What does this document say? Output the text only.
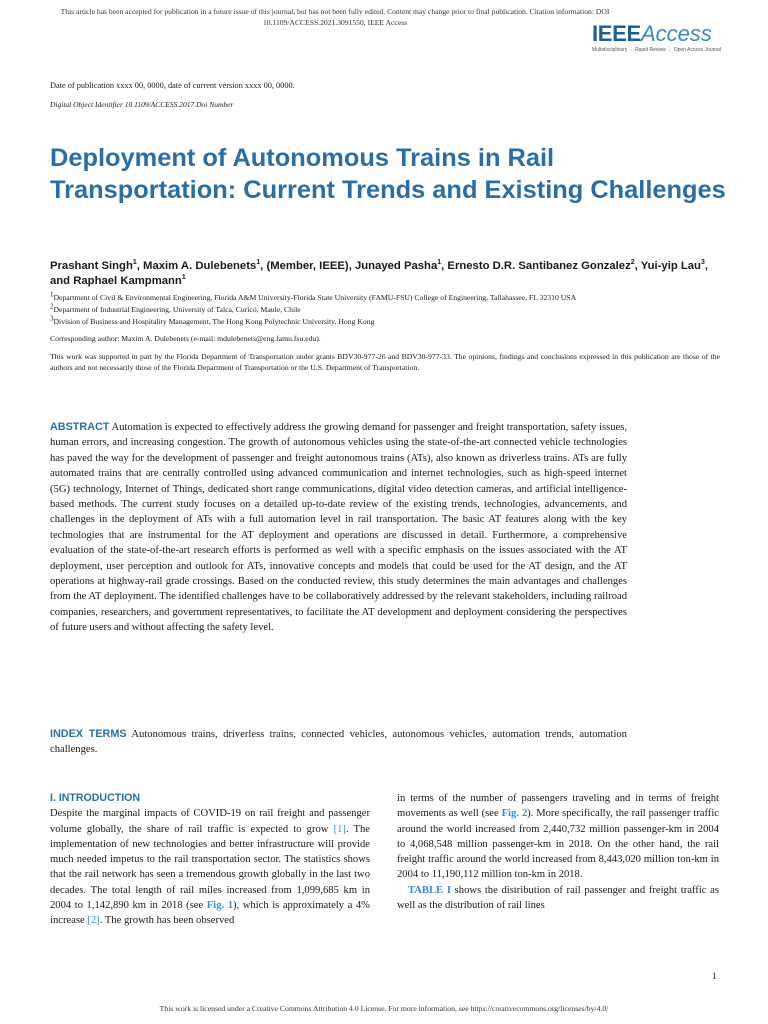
This article has been accepted for publication in a future issue of this journal, but has not been fully edited. Content may change prior to final publication. Citation information: DOI 10.1109/ACCESS.2021.3091550, IEEE Access	IEEEAccess
Multidisciplinary ⋮ Rapid Review ⋮ Open Access Journal
Date of publication xxxx 00, 0000, date of current version xxxx 00, 0000.
Digital Object Identifier 10.1109/ACCESS.2017.Doi Number
Deployment of Autonomous Trains in Rail Transportation: Current Trends and Existing Challenges
Prashant Singh$^1$, Maxim A. Dulebenets$^1$, (Member, IEEE), Junayed Pasha$^1$, Ernesto D.R. Santibanez Gonzalez$^2$, Yui-yip Lau$^3$, and Raphael Kampmann$^1$
$^1$Department of Civil & Environmental Engineering, Florida A&M University-Florida State University (FAMU-FSU) College of Engineering, Tallahassee, FL 32310 USA
$^2$Department of Industrial Engineering, University of Talca, Curicó, Maule, Chile
$^3$Division of Business and Hospitality Management, The Hong Kong Polytechnic University, Hong Kong
Corresponding author: Maxim A. Dulebenets (e-mail: mdulebenets@eng.famu.fsu.edu).
This work was supported in part by the Florida Department of Transportation under grants BDV30-977-26 and BDV30-977-33. The opinions, findings and conclusions expressed in this publication are those of the authors and not necessarily those of the Florida Department of Transportation or the U.S. Department of Transportation.
ABSTRACT Automation is expected to effectively address the growing demand for passenger and freight transportation, safety issues, human errors, and increasing congestion. The growth of autonomous vehicles using the state-of-the-art connected vehicle technologies has paved the way for the development of passenger and freight autonomous trains (ATs), also known as driverless trains. ATs are fully automated trains that are centrally controlled using advanced communication and internet technologies, such as high-speed internet (5G) technology, Internet of Things, dedicated short range communications, digital video detection cameras, and artificial intelligence-based methods. The current study focuses on a detailed up-to-date review of the existing trends, technologies, advancements, and challenges in the deployment of ATs with a full automation level in rail transportation. The basic AT features along with the key technologies that are instrumental for the AT deployment and operations are discussed in detail. Furthermore, a comprehensive evaluation of the state-of-the-art research efforts is performed as well with a specific emphasis on the issues associated with the AT deployment, user perception and outlook for ATs, innovative concepts and models that could be used for the AT design, and the AT operations at highway-rail grade crossings. Based on the conducted review, this study determines the main advantages and challenges from the AT deployment. The identified challenges have to be collaboratively addressed by the relevant stakeholders, including railroad companies, researchers, and government representatives, to facilitate the AT development and deployment considering the perspectives of future users and without affecting the safety level.
INDEX TERMS Autonomous trains, driverless trains, connected vehicles, autonomous vehicles, automation trends, automation challenges.
I. INTRODUCTION
Despite the marginal impacts of COVID-19 on rail freight and passenger volume globally, the share of rail traffic is expected to grow [1]. The implementation of new technologies and better infrastructure will provide much needed impetus to the rail transportation sector. The statistics shows that the rail network has seen a tremendous growth globally in the last two decades. The total length of rail miles increased from 1,099,685 km in 2004 to 1,142,890 km in 2018 (see Fig. 1), which is approximately a 4% increase [2]. The growth has been observed
in terms of the number of passengers traveling and in terms of freight movements as well (see Fig. 2). More specifically, the rail passenger traffic around the world increased from 2,440,732 million passenger-km in 2004 to 4,068,548 million passenger-km in 2018. On the other hand, the rail freight traffic around the world increased from 8,443,020 million ton-km in 2004 to 11,190,112 million ton-km in 2018.
TABLE I shows the distribution of rail passenger and freight traffic as well as the distribution of rail lines
1
This work is licensed under a Creative Commons Attribution 4.0 License. For more information, see https://creativecommons.org/licenses/by/4.0/
